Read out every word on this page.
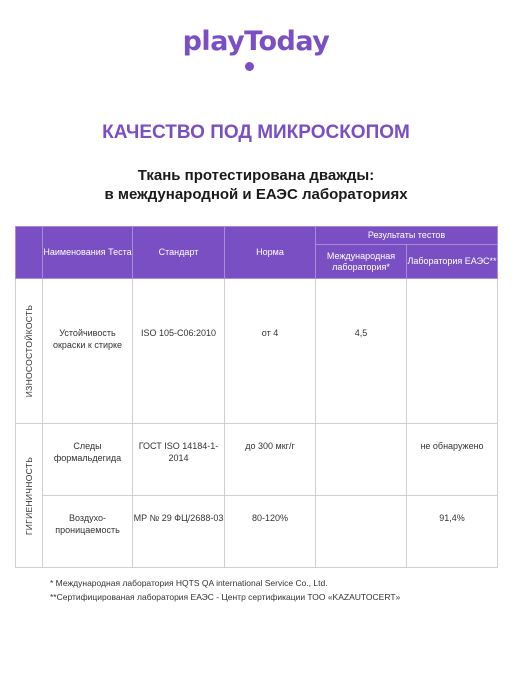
playToday
КАЧЕСТВО ПОД МИКРОСКОПОМ
Ткань протестирована дважды:
в международной и ЕАЭС лабораториях
	Наименования Теста	Стандарт	Норма	Результаты тестов	
				Международная лаборатория*	Лаборатория ЕАЭС**

ИЗНОСОСТОЙКОСТЬ	Устойчивость окраски к стирке	ISO 105-C06:2010	от 4	4,5	

ГИГИЕНИЧНОСТЬ	Следы формальдегида	ГОСТ ISO 14184-1-2014	до 300 мкг/г		не обнаружено
	Воздухо-проницаемость	МР № 29 ФЦ/2688-03	80-120%		91,4%
* Международная лаборатория HQTS QA international Service Co., Ltd.
**Сертифицированая лаборатория ЕАЭС - Центр сертификации ТОО «KAZAUTOCERT»
